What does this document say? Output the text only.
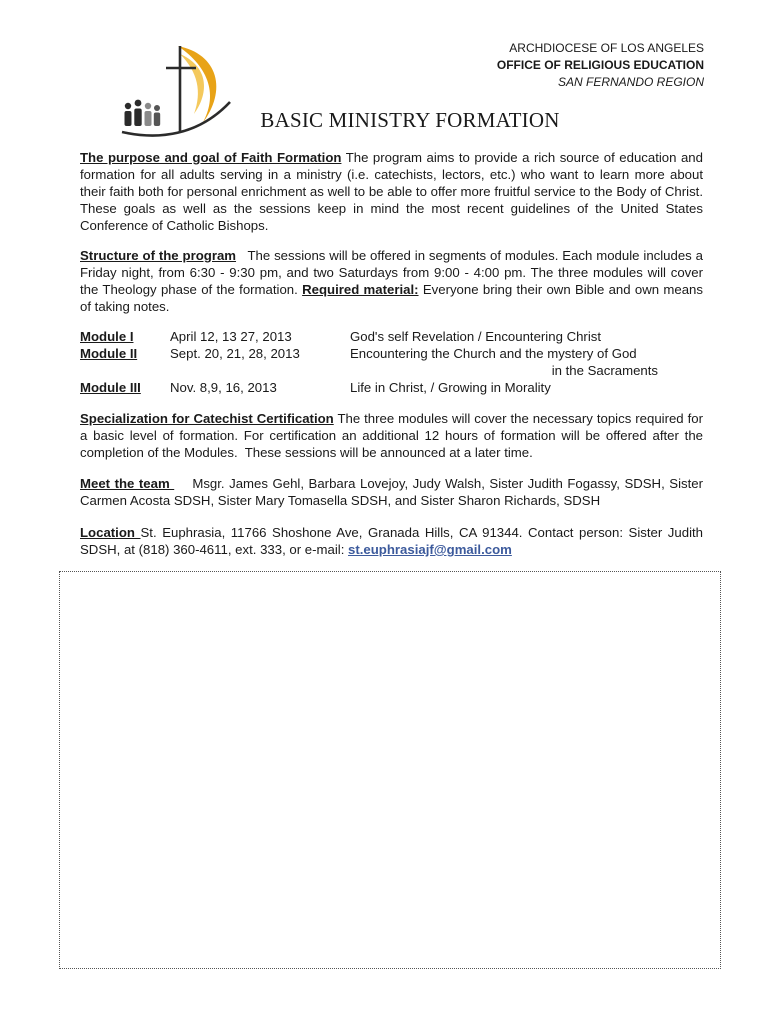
ARCHDIOCESE OF LOS ANGELES
OFFICE OF RELIGIOUS EDUCATION
SAN FERNANDO REGION
BASIC MINISTRY FORMATION
The purpose and goal of Faith Formation The program aims to provide a rich source of education and formation for all adults serving in a ministry (i.e. catechists, lectors, etc.) who want to learn more about their faith both for personal enrichment as well to be able to offer more fruitful service to the Body of Christ. These goals as well as the sessions keep in mind the most recent guidelines of the United States Conference of Catholic Bishops.
Structure of the program   The sessions will be offered in segments of modules. Each module includes a Friday night, from 6:30 - 9:30 pm, and two Saturdays from 9:00 - 4:00 pm. The three modules will cover the Theology phase of the formation. Required material: Everyone bring their own Bible and own means of taking notes.
Module I	April 12, 13 27, 2013	God's self Revelation / Encountering Christ
Module II Sept. 20, 21, 28, 2013	Encountering the Church and the mystery of God
in the Sacraments
Module III Nov. 8,9, 16, 2013	Life in Christ, / Growing in Morality
Specialization for Catechist Certification The three modules will cover the necessary topics required for a basic level of formation. For certification an additional 12 hours of formation will be offered after the completion of the Modules.  These sessions will be announced at a later time.
Meet the team     Msgr. James Gehl, Barbara Lovejoy, Judy Walsh, Sister Judith Fogassy, SDSH, Sister Carmen Acosta SDSH, Sister Mary Tomasella SDSH, and Sister Sharon Richards, SDSH
Location St. Euphrasia, 11766 Shoshone Ave, Granada Hills, CA 91344. Contact person: Sister Judith SDSH, at (818) 360-4611, ext. 333, or e-mail: st.euphrasiajf@gmail.com
